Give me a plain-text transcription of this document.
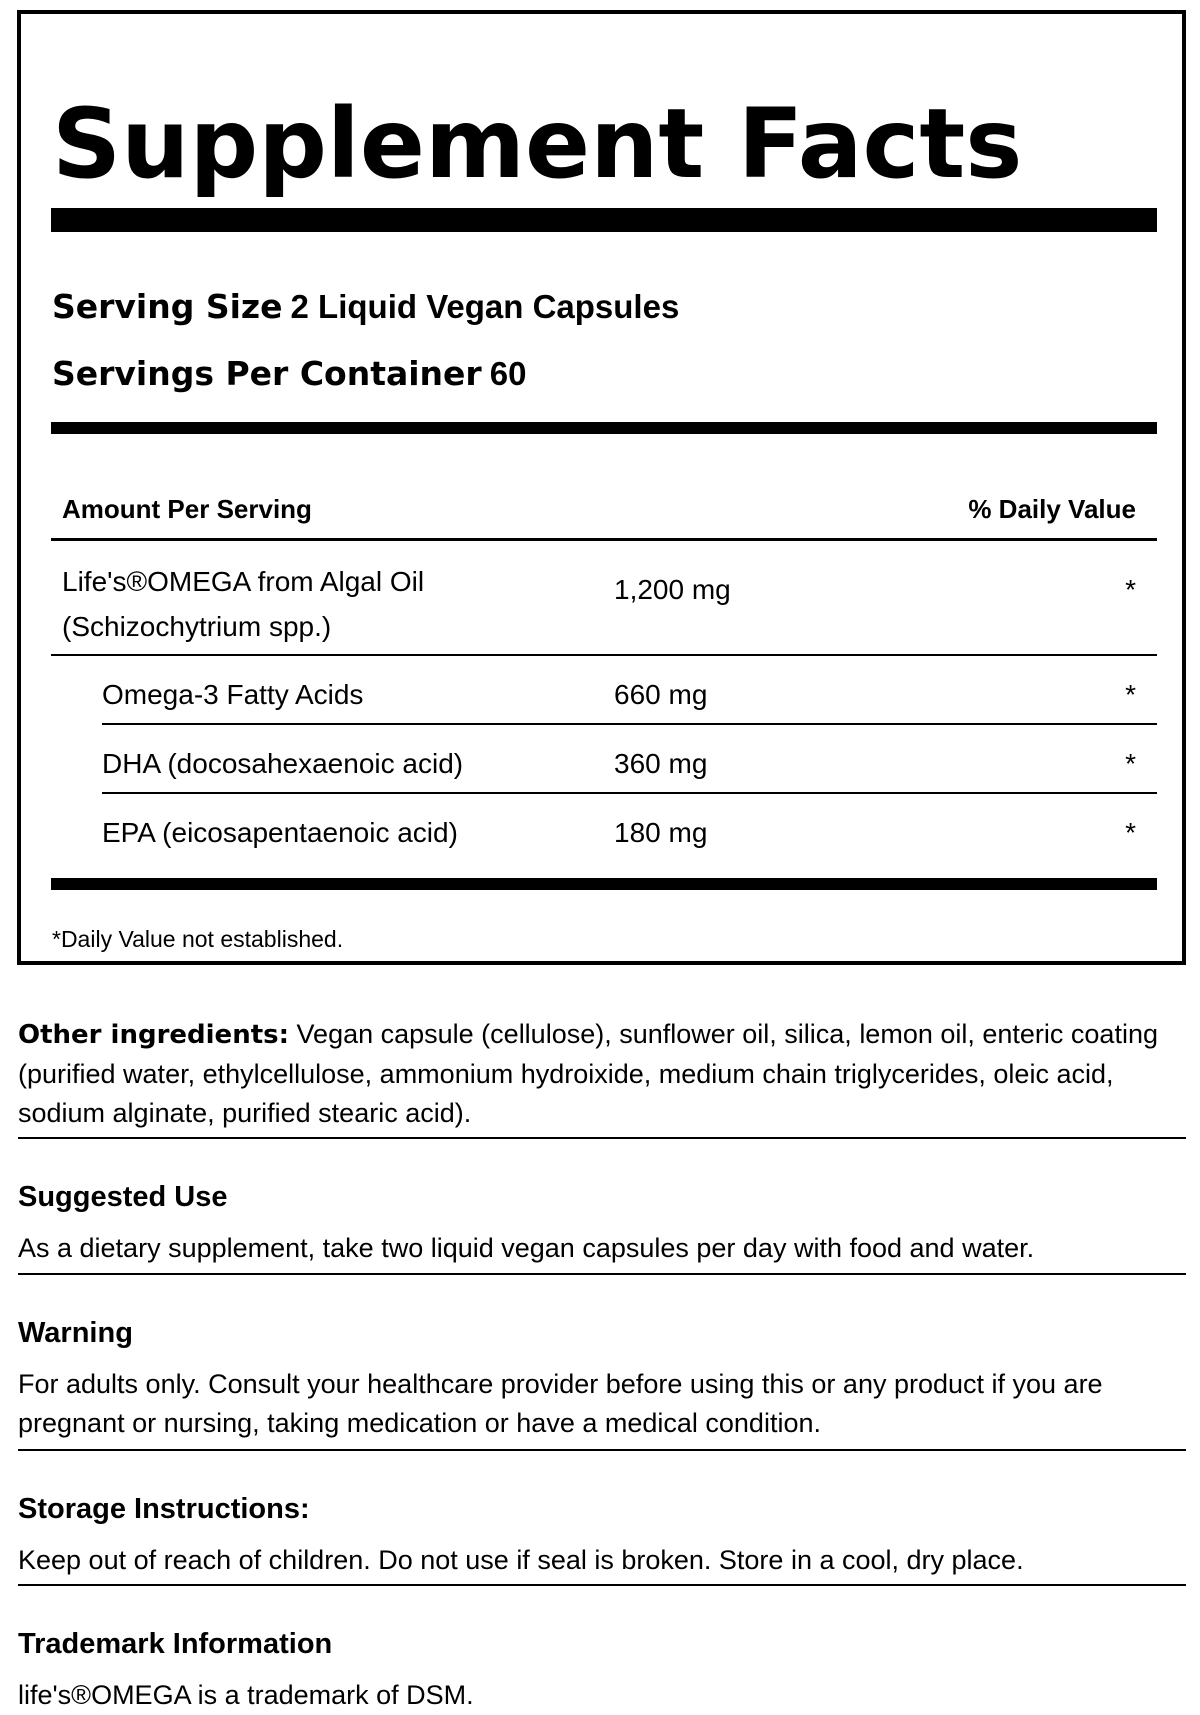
Supplement Facts
Serving Size 2 Liquid Vegan Capsules
Servings Per Container 60
Amount Per Serving	% Daily Value
Life's®OMEGA from Algal Oil
(Schizochytrium spp.)
1,200 mg	*
Omega-3 Fatty Acids	660 mg	*
DHA (docosahexaenoic acid)	360 mg	*
EPA (eicosapentaenoic acid)	180 mg	*
*Daily Value not established.

Other ingredients: Vegan capsule (cellulose), sunflower oil, silica, lemon oil, enteric coating (purified water, ethylcellulose, ammonium hydroixide, medium chain triglycerides, oleic acid, sodium alginate, purified stearic acid).

Suggested Use

As a dietary supplement, take two liquid vegan capsules per day with food and water.

Warning

For adults only. Consult your healthcare provider before using this or any product if you are pregnant or nursing, taking medication or have a medical condition.

Storage Instructions:

Keep out of reach of children. Do not use if seal is broken. Store in a cool, dry place.

Trademark Information

life's®OMEGA is a trademark of DSM.
